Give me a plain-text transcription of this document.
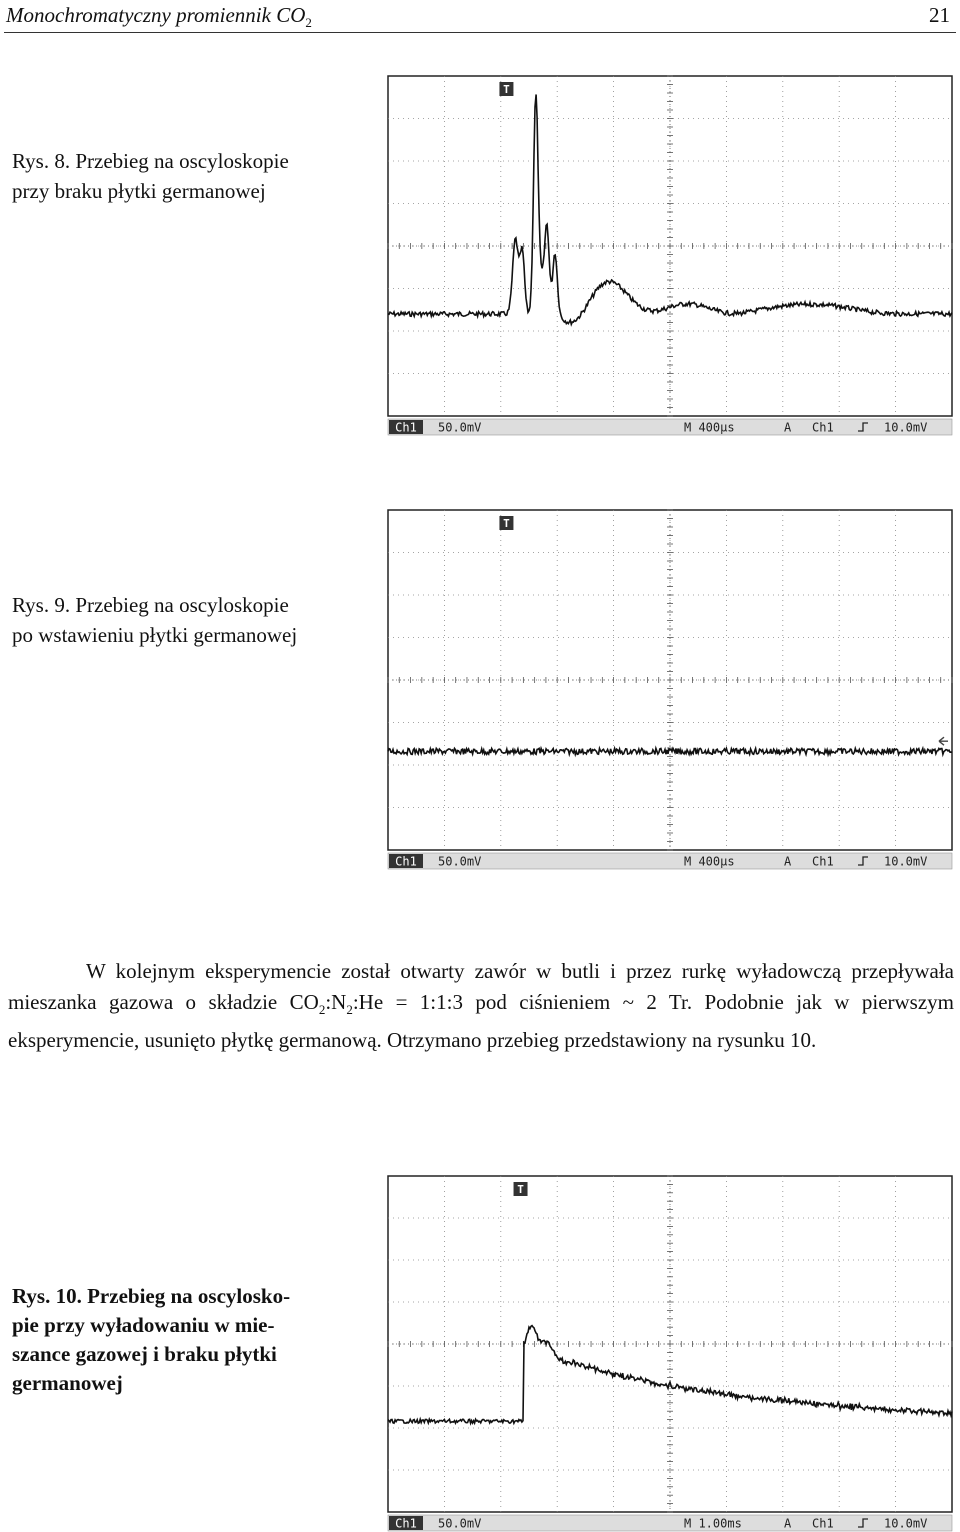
Monochromatyczny promiennik $CO_2$	21
T
Ch1 50.0mV	M 400µs	A Ch1	10.0mV
Rys. 8. Przebieg na oscyloskopie
przy braku płytki germanowej
T
Ch1 50.0mV	M 400µs	A Ch1	10.0mV
Rys. 9. Przebieg na oscyloskopie
po wstawieniu płytki germanowej
W kolejnym eksperymencie został otwarty zawór w butli i przez rurkę wyładowczą przepływała mieszanka gazowa o składzie $CO_2:N_2:He$ = 1:1:3 pod ciśnieniem ~ 2 Tr. Podobnie jak w pierwszym eksperymencie, usunięto płytkę germanową. Otrzymano przebieg przedstawiony na rysunku 10.
T
Ch1 50.0mV	M 1.00ms	A Ch1	10.0mV
Rys. 10. Przebieg na oscylosko-
pie przy wyładowaniu w mie-
szance gazowej i braku płytki
germanowej
